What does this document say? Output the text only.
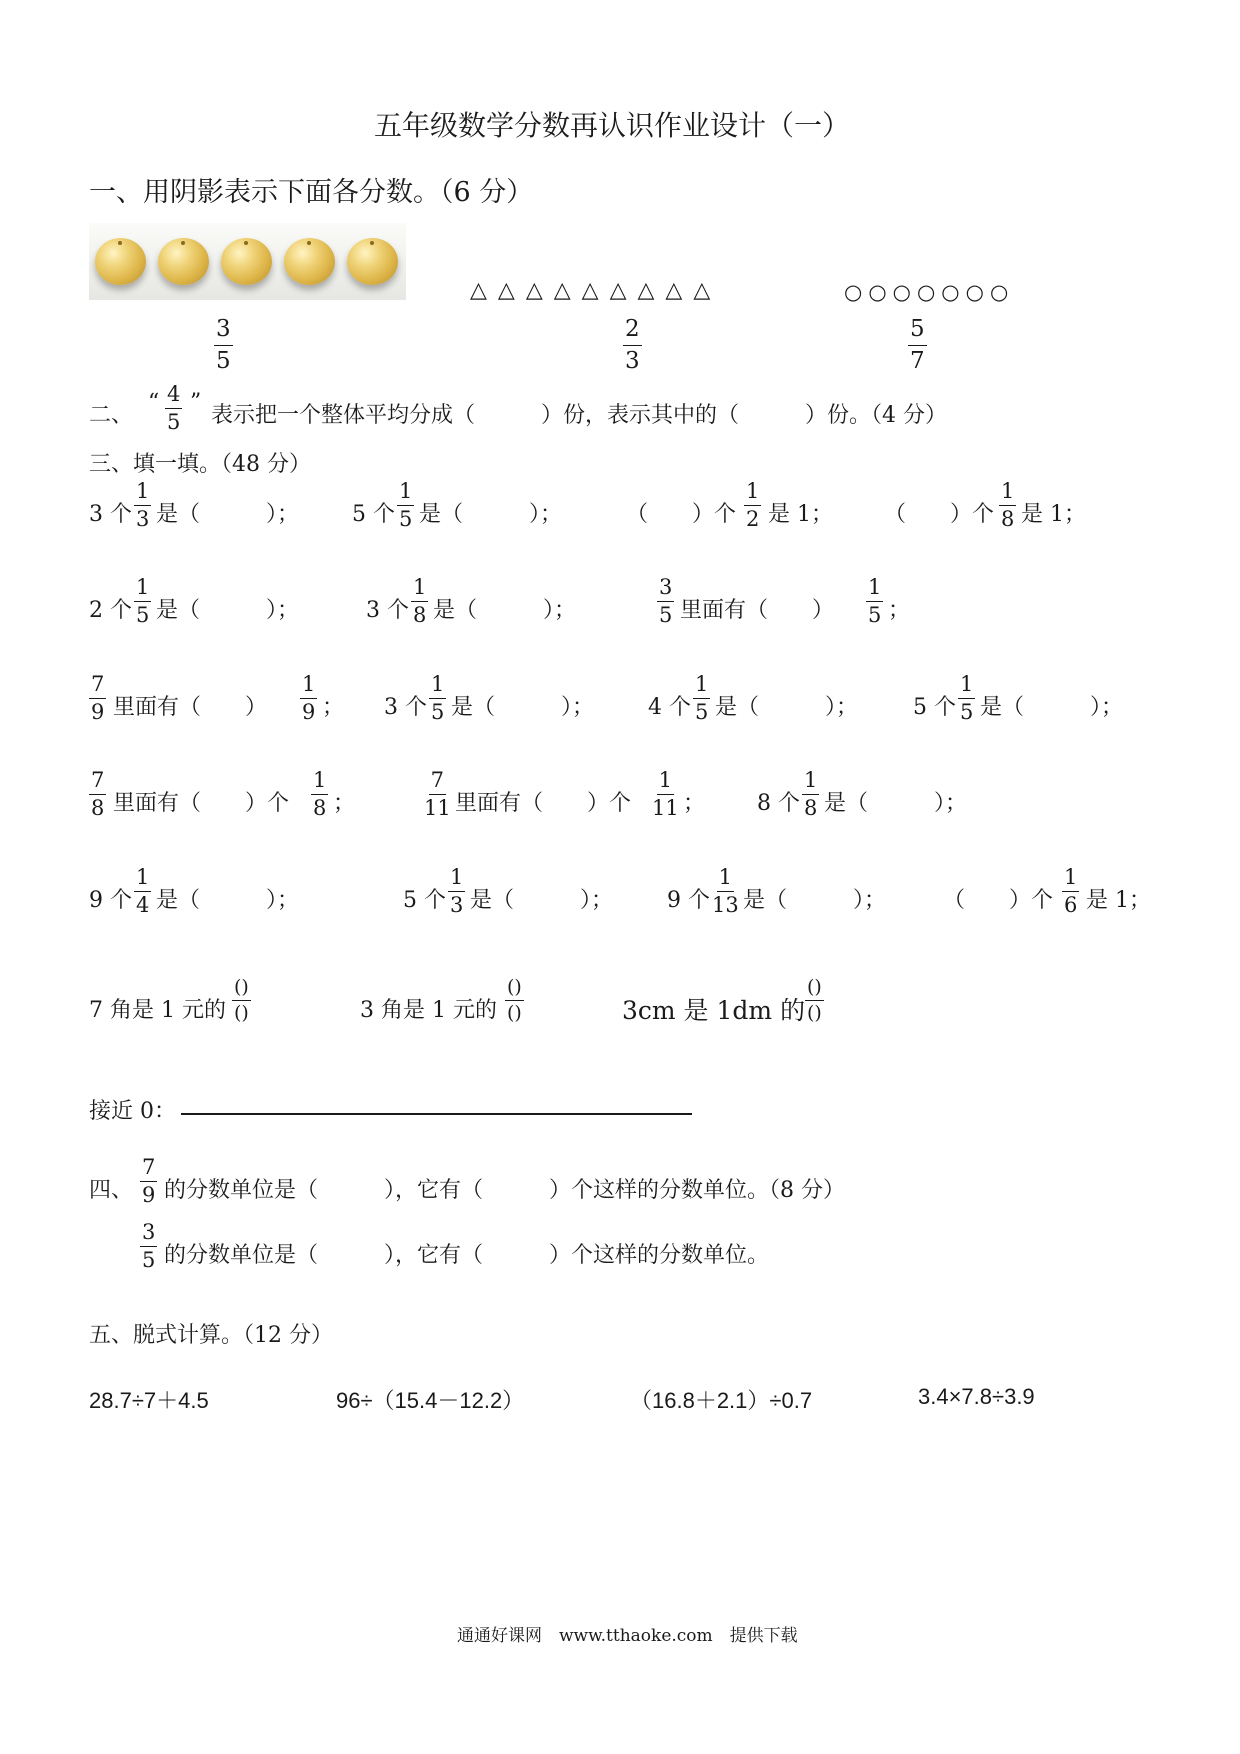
五年级数学分数再认识作业设计（一）
一、用阴影表示下面各分数。（6 分）
△△△△△△△△△	○○○○○○○
$\frac{3}{5}$	$\frac{2}{3}$	$\frac{5}{7}$
二、
“ $\frac{4}{5}$ ”
表示把一个整体平均分成（　　　）份，表示其中的（　　　）份。（4 分）
三、填一填。（48 分）
3 个 $\frac{1}{3}$ 是（　　　）； 5 个 $\frac{1}{5}$ 是（　　　）；	（　　）个 $\frac{1}{2}$ 是 1； （　　）个 $\frac{1}{8}$ 是 1；
2 个 $\frac{1}{5}$ 是（　　　）；	3 个 $\frac{1}{8}$ 是（　　　）；	$\frac{3}{5}$ 里面有（　　） $\frac{1}{5}$ ；
$\frac{7}{9}$ 里面有（　　） $\frac{1}{9}$ ； 3 个 $\frac{1}{5}$ 是（　　　）； 4 个 $\frac{1}{5}$ 是（　　　）； 5 个 $\frac{1}{5}$ 是（　　　）；
$\frac{7}{8}$ 里面有（　　）个 $\frac{1}{8}$ ；	$\frac{7}{11}$ 里面有（　　）个 $\frac{1}{11}$ ； 8 个 $\frac{1}{8}$ 是（　　　）；
9 个 $\frac{1}{4}$ 是（　　　）；	5 个 $\frac{1}{3}$ 是（　　　）； 9 个 $\frac{1}{13}$ 是（　　　）；	（　　）个 $\frac{1}{6}$ 是 1；
7 角是 1 元的
()
()	3 角是 1 元的
()
()	3cm 是 1dm 的
()
()
接近 0：
四、 $\frac{7}{9}$ 的分数单位是（　　　），它有（　　　）个这样的分数单位。（8 分）
$\frac{3}{5}$ 的分数单位是（　　　），它有（　　　）个这样的分数单位。
五、脱式计算。（12 分）
28.7÷7＋4.5	96÷（15.4－12.2）	（16.8＋2.1）÷0.7	3.4×7.8÷3.9
通通好课网　www.tthaoke.com　提供下载
